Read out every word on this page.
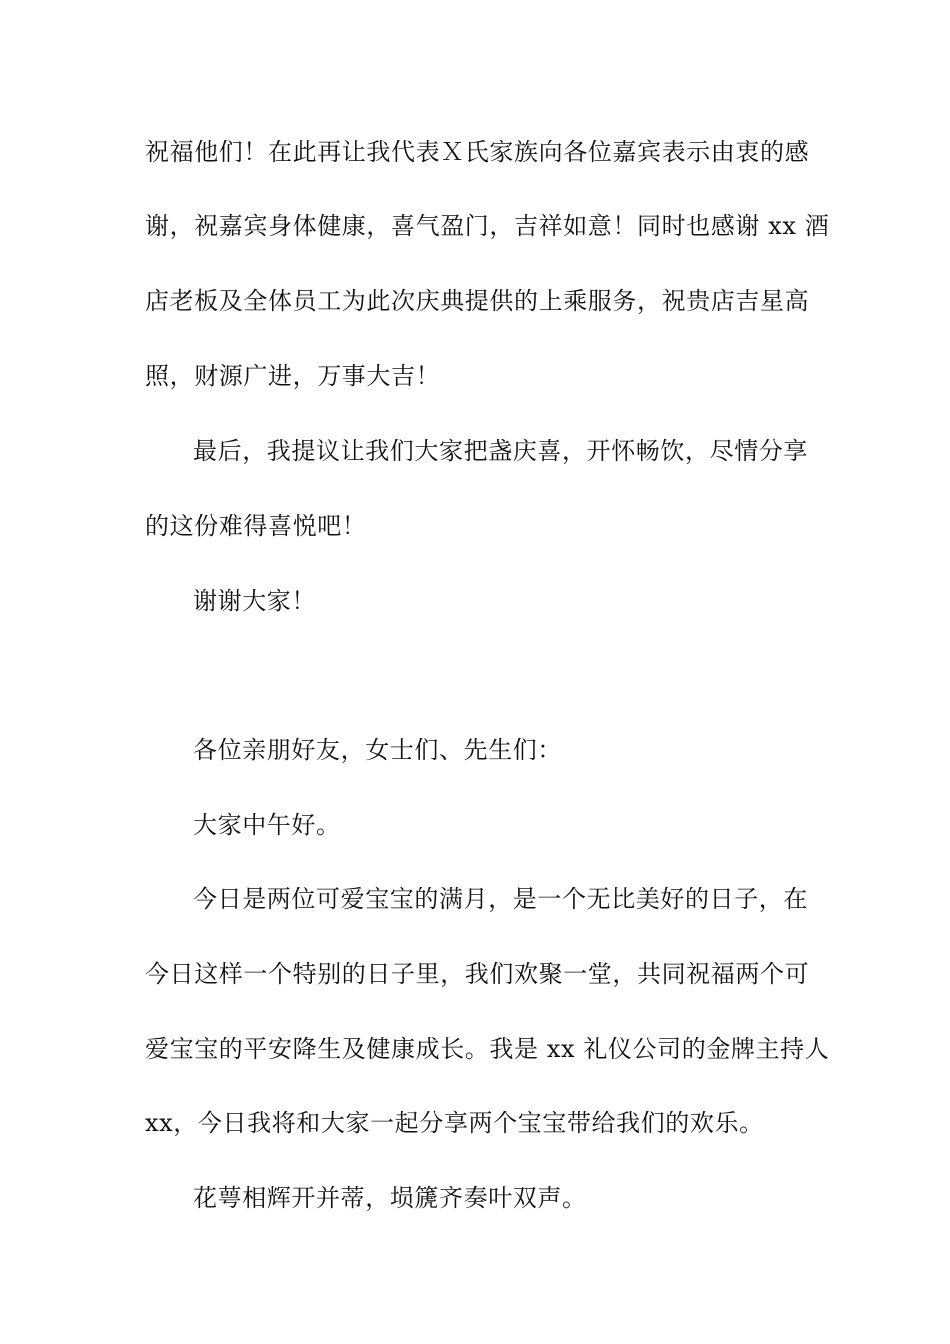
祝福他们！在此再让我代表Ｘ氏家族向各位嘉宾表示由衷的感
谢，祝嘉宾身体健康，喜气盈门，吉祥如意！同时也感谢 xx 酒
店老板及全体员工为此次庆典提供的上乘服务，祝贵店吉星高
照，财源广进，万事大吉！
最后，我提议让我们大家把盏庆喜，开怀畅饮，尽情分享
的这份难得喜悦吧！
谢谢大家！
各位亲朋好友，女士们、先生们：
大家中午好。
今日是两位可爱宝宝的满月，是一个无比美好的日子，在
今日这样一个特别的日子里，我们欢聚一堂，共同祝福两个可
爱宝宝的平安降生及健康成长。我是 xx 礼仪公司的金牌主持人
xx，今日我将和大家一起分享两个宝宝带给我们的欢乐。
花萼相辉开并蒂，埙篪齐奏叶双声。
